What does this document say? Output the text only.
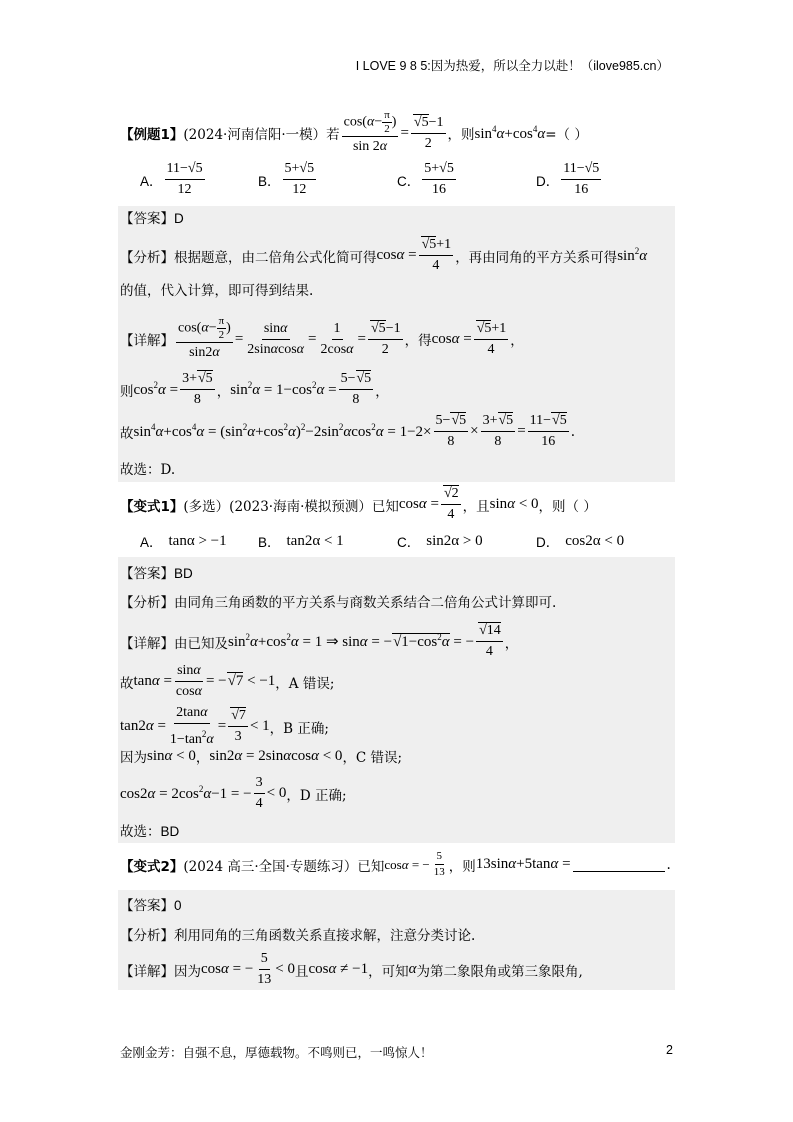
I LOVE 9 8 5:因为热爱，所以全力以赴！（ilove985.cn）
【例题1】 (2024·河南信阳·一模）若 $\frac{\cos(\alpha- \frac{\pi}{2} )}{\sin 2\alpha} = \frac{√5-1}{2}$ ，则 $\sin^4\alpha+\cos^4\alpha$ =（ ）
A． $\frac{11-√5}{12}$	B． $\frac{5+√5}{12}$	C． $\frac{5+√5}{16}$	D． $\frac{11-√5}{16}$
【答案】D
【分析】根据题意，由二倍角公式化简可得 $\cos\alpha = \frac{√5+1}{4}$ ，再由同角的平方关系可得 $\sin^2\alpha$
的值，代入计算，即可得到结果.
【详解】 $\frac{\cos(\alpha- \frac{\pi}{2} )}{\sin 2\alpha} = \frac{\sin\alpha}{2\sin\alpha\cos\alpha} = \frac{1}{2\cos\alpha} = \frac{√5-1}{2}$ ，得 $\cos\alpha = \frac{√5+1}{4}$ ，
则 $\cos^2\alpha = \frac{3+√5}{8}$ ， $\sin^2\alpha = 1-\cos^2\alpha = \frac{5-√5}{8}$ ，
故 $\sin^4\alpha+\cos^4\alpha = (\sin^2\alpha+\cos^2\alpha)^2-2\sin^2\alpha\cos^2\alpha = 1-2\times \frac{5-√5}{8} \times \frac{3+√5}{8} = \frac{11-√5}{16}$ .
故选：D.
【变式1】 (多选）(2023·海南·模拟预测）已知 $\cos\alpha = \frac{√2}{4}$ ，且 sinα < 0 ，则（ ）
A． tanα > −1 B． tan2α < 1	C． sin2α > 0	D． cos2α < 0
【答案】BD
【分析】由同角三角函数的平方关系与商数关系结合二倍角公式计算即可.
【详解】 由已知及 $\sin^2\alpha+\cos^2\alpha = 1$ ⇒ $\sin\alpha = -√1-\cos^2\alpha$ = − $\frac{√14}{4}$ ，
故 $\tan\alpha = \frac{\sin\alpha}{\cos\alpha} = -√7 < -1$ ，A 错误;
$\tan 2\alpha = \frac{2\tan\alpha}{1-\tan^2\alpha} = \frac{√7}{3} < 1$ ，B 正确;
因为 sinα < 0 ， sin2α = 2sinαcosα < 0 ，C 错误;
$\cos 2\alpha = 2\cos^2\alpha-1$ = − $\frac{3}{4} < 0$ ，D 正确;
故选：BD
【变式2】 (2024 高三·全国·专题练习）已知 cosα = − $\frac{5}{13}$ ，则 13sinα+5tanα =	.
【答案】0
【分析】利用同角的三角函数关系直接求解，注意分类讨论.
【详解】 因为 cosα = − $\frac{5}{13} < 0$ 且 cosα ≠ −1 ，可知 α 为第二象限角或第三象限角,
金刚金芳：自强不息，厚德载物。不鸣则已，一鸣惊人！	2
